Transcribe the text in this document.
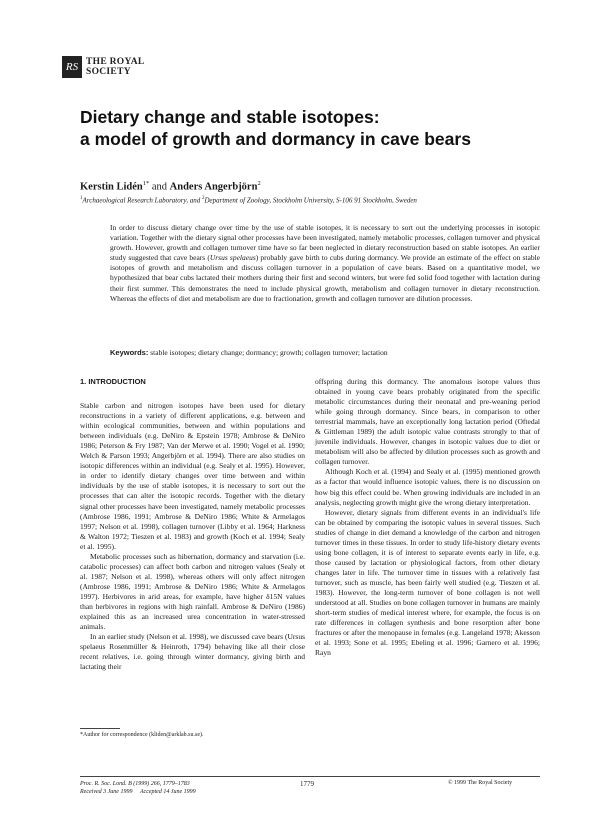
RS THE ROYAL
SOCIETY
Dietary change and stable isotopes:
a model of growth and dormancy in cave bears
Kerstin Lidén$^{1*}$ and Anders Angerbjörn$^2$
$^1$Archaeological Research Laboratory, and $^2$Department of Zoology, Stockholm University, S-106 91 Stockholm, Sweden
In order to discuss dietary change over time by the use of stable isotopes, it is necessary to sort out the underlying processes in isotopic variation. Together with the dietary signal other processes have been investigated, namely metabolic processes, collagen turnover and physical growth. However, growth and collagen turnover time have so far been neglected in dietary reconstruction based on stable isotopes. An earlier study suggested that cave bears (Ursus spelaeus) probably gave birth to cubs during dormancy. We provide an estimate of the effect on stable isotopes of growth and metabolism and discuss collagen turnover in a population of cave bears. Based on a quantitative model, we hypothesized that bear cubs lactated their mothers during their first and second winters, but were fed solid food together with lactation during their first summer. This demonstrates the need to include physical growth, metabolism and collagen turnover in dietary reconstruction. Whereas the effects of diet and metabolism are due to fractionation, growth and collagen turnover are dilution processes.
Keywords: stable isotopes; dietary change; dormancy; growth; collagen turnover; lactation
1. INTRODUCTION

Stable carbon and nitrogen isotopes have been used for dietary reconstructions in a variety of different applications, e.g. between and within ecological communities, between and within populations and between individuals (e.g. DeNiro & Epstein 1978; Ambrose & DeNiro 1986; Peterson & Fry 1987; Van der Merwe et al. 1990; Vogel et al. 1990; Welch & Parson 1993; Angerbjörn et al. 1994). There are also studies on isotopic differences within an individual (e.g. Sealy et al. 1995). However, in order to identify dietary changes over time between and within individuals by the use of stable isotopes, it is necessary to sort out the processes that can alter the isotopic records. Together with the dietary signal other processes have been investigated, namely metabolic processes (Ambrose 1986, 1991; Ambrose & DeNiro 1986; White & Armelagos 1997; Nelson et al. 1998), collagen turnover (Libby et al. 1964; Harkness & Walton 1972; Tieszen et al. 1983) and growth (Koch et al. 1994; Sealy et al. 1995).

Metabolic processes such as hibernation, dormancy and starvation (i.e. catabolic processes) can affect both carbon and nitrogen values (Sealy et al. 1987; Nelson et al. 1998), whereas others will only affect nitrogen (Ambrose 1986, 1991; Ambrose & DeNiro 1986; White & Armelagos 1997). Herbivores in arid areas, for example, have higher δ15N values than herbivores in regions with high rainfall. Ambrose & DeNiro (1986) explained this as an increased urea concentration in water-stressed animals.

In an earlier study (Nelson et al. 1998), we discussed cave bears (Ursus spelaeus Rosenmüller & Heinroth, 1794) behaving like all their close recent relatives, i.e. going through winter dormancy, giving birth and lactating their

offspring during this dormancy. The anomalous isotope values thus obtained in young cave bears probably originated from the specific metabolic circumstances during their neonatal and pre-weaning period while going through dormancy. Since bears, in comparison to other terrestrial mammals, have an exceptionally long lactation period (Oftedal & Gittleman 1989) the adult isotopic value contrasts strongly to that of juvenile individuals. However, changes in isotopic values due to diet or metabolism will also be affected by dilution processes such as growth and collagen turnover.

Although Koch et al. (1994) and Sealy et al. (1995) mentioned growth as a factor that would influence isotopic values, there is no discussion on how big this effect could be. When growing individuals are included in an analysis, neglecting growth might give the wrong dietary interpretation.

However, dietary signals from different events in an individual's life can be obtained by comparing the isotopic values in several tissues. Such studies of change in diet demand a knowledge of the carbon and nitrogen turnover times in these tissues. In order to study life-history dietary events using bone collagen, it is of interest to separate events early in life, e.g. those caused by lactation or physiological factors, from other dietary changes later in life. The turnover time in tissues with a relatively fast turnover, such as muscle, has been fairly well studied (e.g. Tieszen et al. 1983). However, the long-term turnover of bone collagen is not well understood at all. Studies on bone collagen turnover in humans are mainly short-term studies of medical interest where, for example, the focus is on rate differences in collagen synthesis and bone resorption after bone fractures or after the menopause in females (e.g. Langeland 1978; Akesson et al. 1993; Sone et al. 1995; Ebeling et al. 1996; Garnero et al. 1996; Rayn

*Author for correspondence (kliden@arklab.su.se).
Proc. R. Soc. Lond. B (1999) 266, 1779–1783
Received 3 June 1999     Accepted 14 June 1999
1779	© 1999 The Royal Society
